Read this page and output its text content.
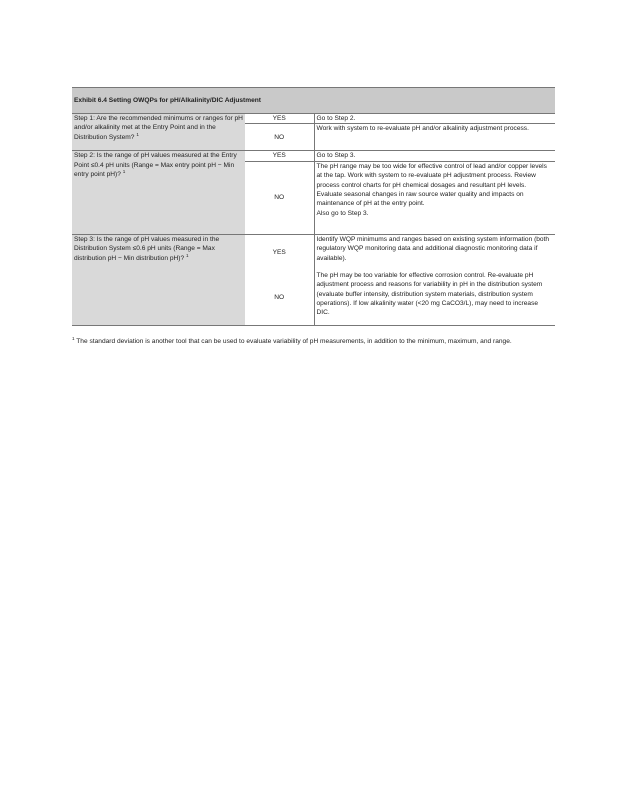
Exhibit 6.4 Setting OWQPs for pH/Alkalinity/DIC Adjustment		
Step 1: Are the recommended minimums or ranges for pH and/or alkalinity met at the Entry Point and in the Distribution System? $^1$	YES	Go to Step 2.
	NO	Work with system to re-evaluate pH and/or alkalinity adjustment process.
Step 2: Is the range of pH values measured at the Entry Point ≤0.4 pH units (Range = Max entry point pH − Min entry point pH)? $^1$	YES	Go to Step 3.
	NO	The pH range may be too wide for effective control of lead and/or copper levels at the tap. Work with system to re-evaluate pH adjustment process. Review process control charts for pH chemical dosages and resultant pH levels. Evaluate seasonal changes in raw source water quality and impacts on maintenance of pH at the entry point.
Also go to Step 3.

Step 3: Is the range of pH values measured in the Distribution System ≤0.6 pH units (Range = Max distribution pH − Min distribution pH)? $^1$	YES	Identify WQP minimums and ranges based on existing system information (both regulatory WQP monitoring data and additional diagnostic monitoring data if available).
	NO	The pH may be too variable for effective corrosion control. Re-evaluate pH adjustment process and reasons for variability in pH in the distribution system (evaluate buffer intensity, distribution system materials, distribution system operations). If low alkalinity water (<20 mg CaCO3/L), may need to increase DIC.
$^1$ The standard deviation is another tool that can be used to evaluate variability of pH measurements, in addition to the minimum, maximum, and range.
